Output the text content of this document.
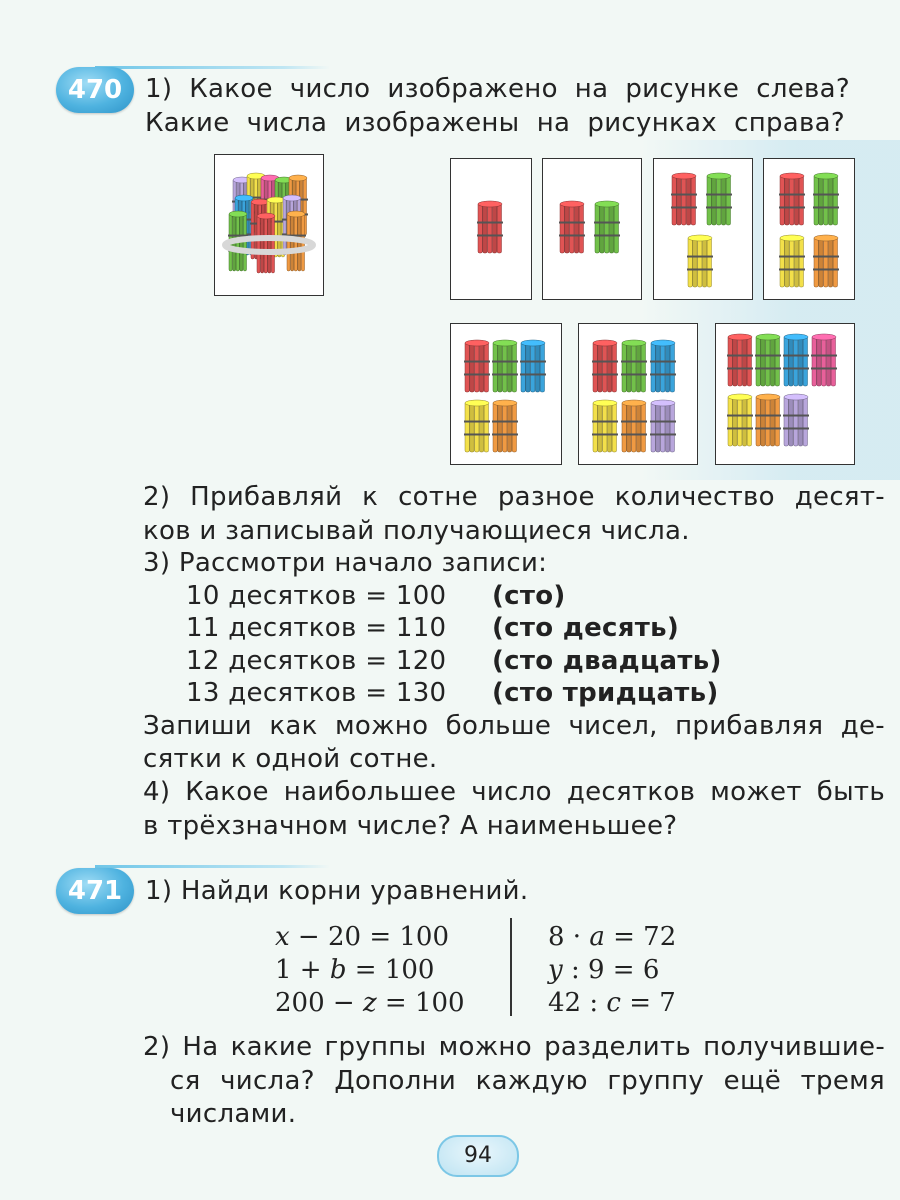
470 1) Какое число изображено на рисунке слева?
Какие числа изображены на рисунках справа?
2) Прибавляй к сотне разное количество десят-
ков и записывай получающиеся числа.
3) Рассмотри начало записи:
10 десятков = 100 (сто)
11 десятков = 110 (сто десять)
12 десятков = 120 (сто двадцать)
13 десятков = 130 (сто тридцать)
Запиши как можно больше чисел, прибавляя де-
сятки к одной сотне.
4) Какое наибольшее число десятков может быть
в трёхзначном числе? А наименьшее?
471 1) Найди корни уравнений.
x − 20 = 100
1 + b = 100
200 − z = 100
8 · a = 72
y : 9 = 6
42 : c = 7
2) На какие группы можно разделить получившие-
ся числа? Дополни каждую группу ещё тремя
числами.
94
